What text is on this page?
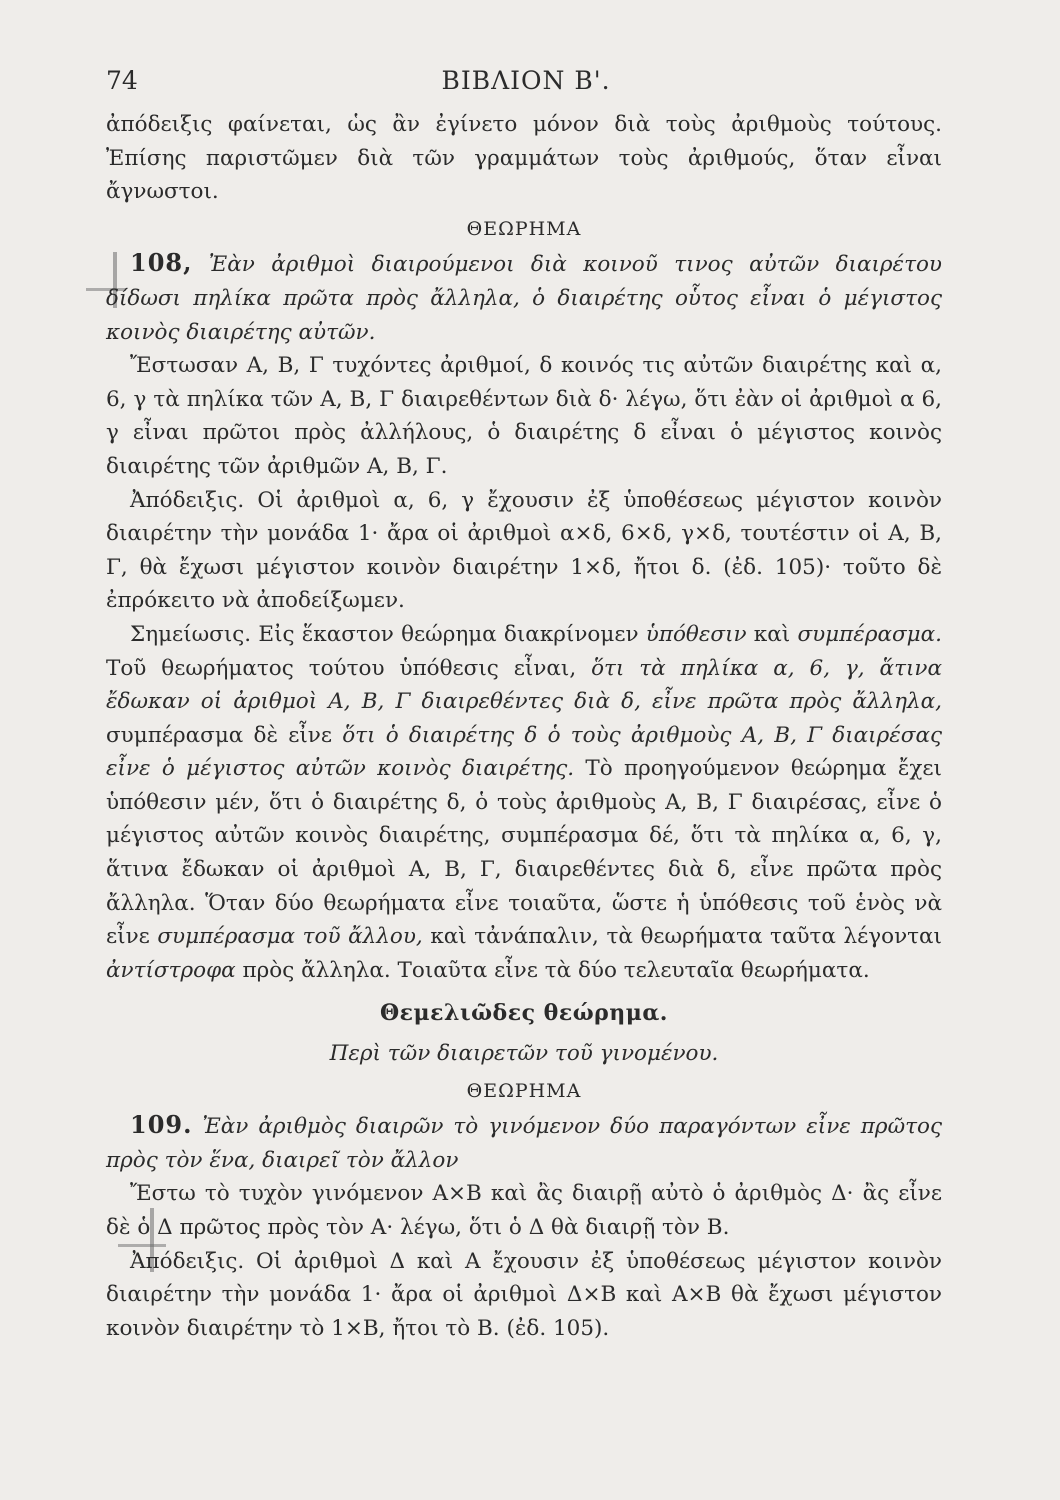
74	ΒΙΒΛΙΟΝ Β'.

ἀπόδειξις φαίνεται, ὡς ἂν ἐγίνετο μόνον διὰ τοὺς ἀριθμοὺς τούτους. Ἐπίσης παριστῶμεν διὰ τῶν γραμμάτων τοὺς ἀριθμούς, ὅταν εἶναι ἄγνωστοι.

ΘΕΩΡΗΜΑ

108, Ἐὰν ἀριθμοὶ διαιρούμενοι διὰ κοινοῦ τινος αὐτῶν διαιρέτου δίδωσι πηλίκα πρῶτα πρὸς ἄλληλα, ὁ διαιρέτης οὗτος εἶναι ὁ μέγιστος κοινὸς διαιρέτης αὐτῶν.

Ἔστωσαν Α, Β, Γ τυχόντες ἀριθμοί, δ κοινός τις αὐτῶν διαιρέτης καὶ α, 6, γ τὰ πηλίκα τῶν Α, Β, Γ διαιρεθέντων διὰ δ· λέγω, ὅτι ἐὰν οἱ ἀριθμοὶ α 6, γ εἶναι πρῶτοι πρὸς ἀλλήλους, ὁ διαιρέτης δ εἶναι ὁ μέγιστος κοινὸς διαιρέτης τῶν ἀριθμῶν Α, Β, Γ.

Ἀπόδειξις. Οἱ ἀριθμοὶ α, 6, γ ἔχουσιν ἐξ ὑποθέσεως μέγιστον κοινὸν διαιρέτην τὴν μονάδα 1· ἄρα οἱ ἀριθμοὶ α×δ, 6×δ, γ×δ, τουτέστιν οἱ Α, Β, Γ, θὰ ἔχωσι μέγιστον κοινὸν διαιρέτην 1×δ, ἤτοι δ. (ἐδ. 105)· τοῦτο δὲ ἐπρόκειτο νὰ ἀποδείξωμεν.

Σημείωσις. Εἰς ἕκαστον θεώρημα διακρίνομεν ὑπόθεσιν καὶ συμπέρασμα. Τοῦ θεωρήματος τούτου ὑπόθεσις εἶναι, ὅτι τὰ πηλίκα α, 6, γ, ἅτινα ἔδωκαν οἱ ἀριθμοὶ Α, Β, Γ διαιρεθέντες διὰ δ, εἶνε πρῶτα πρὸς ἄλληλα, συμπέρασμα δὲ εἶνε ὅτι ὁ διαιρέτης δ ὁ τοὺς ἀριθμοὺς Α, Β, Γ διαιρέσας εἶνε ὁ μέγιστος αὐτῶν κοινὸς διαιρέτης. Τὸ προηγούμενον θεώρημα ἔχει ὑπόθεσιν μέν, ὅτι ὁ διαιρέτης δ, ὁ τοὺς ἀριθμοὺς Α, Β, Γ διαιρέσας, εἶνε ὁ μέγιστος αὐτῶν κοινὸς διαιρέτης, συμπέρασμα δέ, ὅτι τὰ πηλίκα α, 6, γ, ἅτινα ἔδωκαν οἱ ἀριθμοὶ Α, Β, Γ, διαιρεθέντες διὰ δ, εἶνε πρῶτα πρὸς ἄλληλα. Ὅταν δύο θεωρήματα εἶνε τοιαῦτα, ὥστε ἡ ὑπόθεσις τοῦ ἑνὸς νὰ εἶνε συμπέρασμα τοῦ ἄλλου, καὶ τἀνάπαλιν, τὰ θεωρήματα ταῦτα λέγονται ἀντίστροφα πρὸς ἄλληλα. Τοιαῦτα εἶνε τὰ δύο τελευταῖα θεωρήματα.

Θεμελιῶδες θεώρημα.

Περὶ τῶν διαιρετῶν τοῦ γινομένου.

ΘΕΩΡΗΜΑ

109. Ἐὰν ἀριθμὸς διαιρῶν τὸ γινόμενον δύο παραγόντων εἶνε πρῶτος πρὸς τὸν ἕνα, διαιρεῖ τὸν ἄλλον

Ἔστω τὸ τυχὸν γινόμενον Α×Β καὶ ἂς διαιρῇ αὐτὸ ὁ ἀριθμὸς Δ· ἂς εἶνε δὲ ὁ Δ πρῶτος πρὸς τὸν Α· λέγω, ὅτι ὁ Δ θὰ διαιρῇ τὸν Β.

Ἀπόδειξις. Οἱ ἀριθμοὶ Δ καὶ Α ἔχουσιν ἐξ ὑποθέσεως μέγιστον κοινὸν διαιρέτην τὴν μονάδα 1· ἄρα οἱ ἀριθμοὶ Δ×Β καὶ Α×Β θὰ ἔχωσι μέγιστον κοινὸν διαιρέτην τὸ 1×Β, ἤτοι τὸ Β. (ἐδ. 105).
